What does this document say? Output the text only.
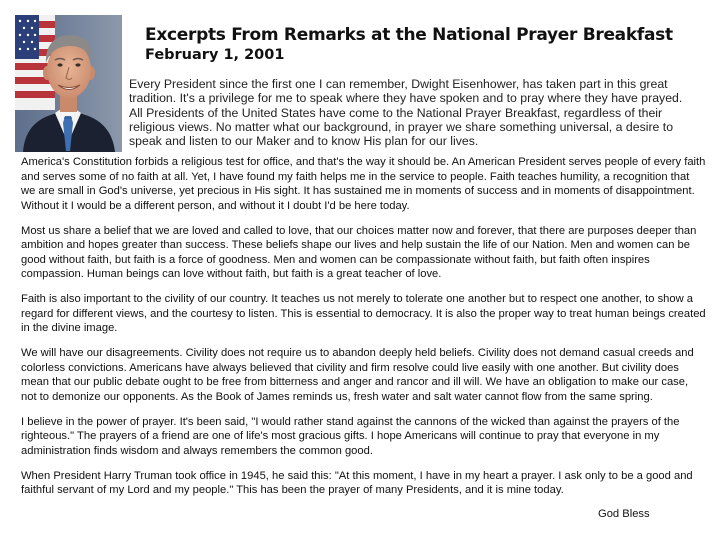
Excerpts From Remarks at the National Prayer Breakfast
February 1, 2001

Every President since the first one I can remember, Dwight Eisenhower, has taken part in this great tradition. It's a privilege for me to speak where they have spoken and to pray where they have prayed. All Presidents of the United States have come to the National Prayer Breakfast, regardless of their religious views. No matter what our background, in prayer we share something universal, a desire to speak and listen to our Maker and to know His plan for our lives.

America's Constitution forbids a religious test for office, and that's the way it should be. An American President serves people of every faith and serves some of no faith at all. Yet, I have found my faith helps me in the service to people. Faith teaches humility, a recognition that we are small in God's universe, yet precious in His sight. It has sustained me in moments of success and in moments of disappointment. Without it I would be a different person, and without it I doubt I'd be here today.

Most us share a belief that we are loved and called to love, that our choices matter now and forever, that there are purposes deeper than ambition and hopes greater than success. These beliefs shape our lives and help sustain the life of our Nation. Men and women can be good without faith, but faith is a force of goodness. Men and women can be compassionate without faith, but faith often inspires compassion. Human beings can love without faith, but faith is a great teacher of love.

Faith is also important to the civility of our country. It teaches us not merely to tolerate one another but to respect one another, to show a regard for different views, and the courtesy to listen. This is essential to democracy. It is also the proper way to treat human beings created in the divine image.

We will have our disagreements. Civility does not require us to abandon deeply held beliefs. Civility does not demand casual creeds and colorless convictions. Americans have always believed that civility and firm resolve could live easily with one another. But civility does mean that our public debate ought to be free from bitterness and anger and rancor and ill will. We have an obligation to make our case, not to demonize our opponents. As the Book of James reminds us, fresh water and salt water cannot flow from the same spring.

I believe in the power of prayer. It's been said, "I would rather stand against the cannons of the wicked than against the prayers of the righteous." The prayers of a friend are one of life's most gracious gifts. I hope Americans will continue to pray that everyone in my administration finds wisdom and always remembers the common good.

When President Harry Truman took office in 1945, he said this: "At this moment, I have in my heart a prayer. I ask only to be a good and faithful servant of my Lord and my people." This has been the prayer of many Presidents, and it is mine today.

God Bless
